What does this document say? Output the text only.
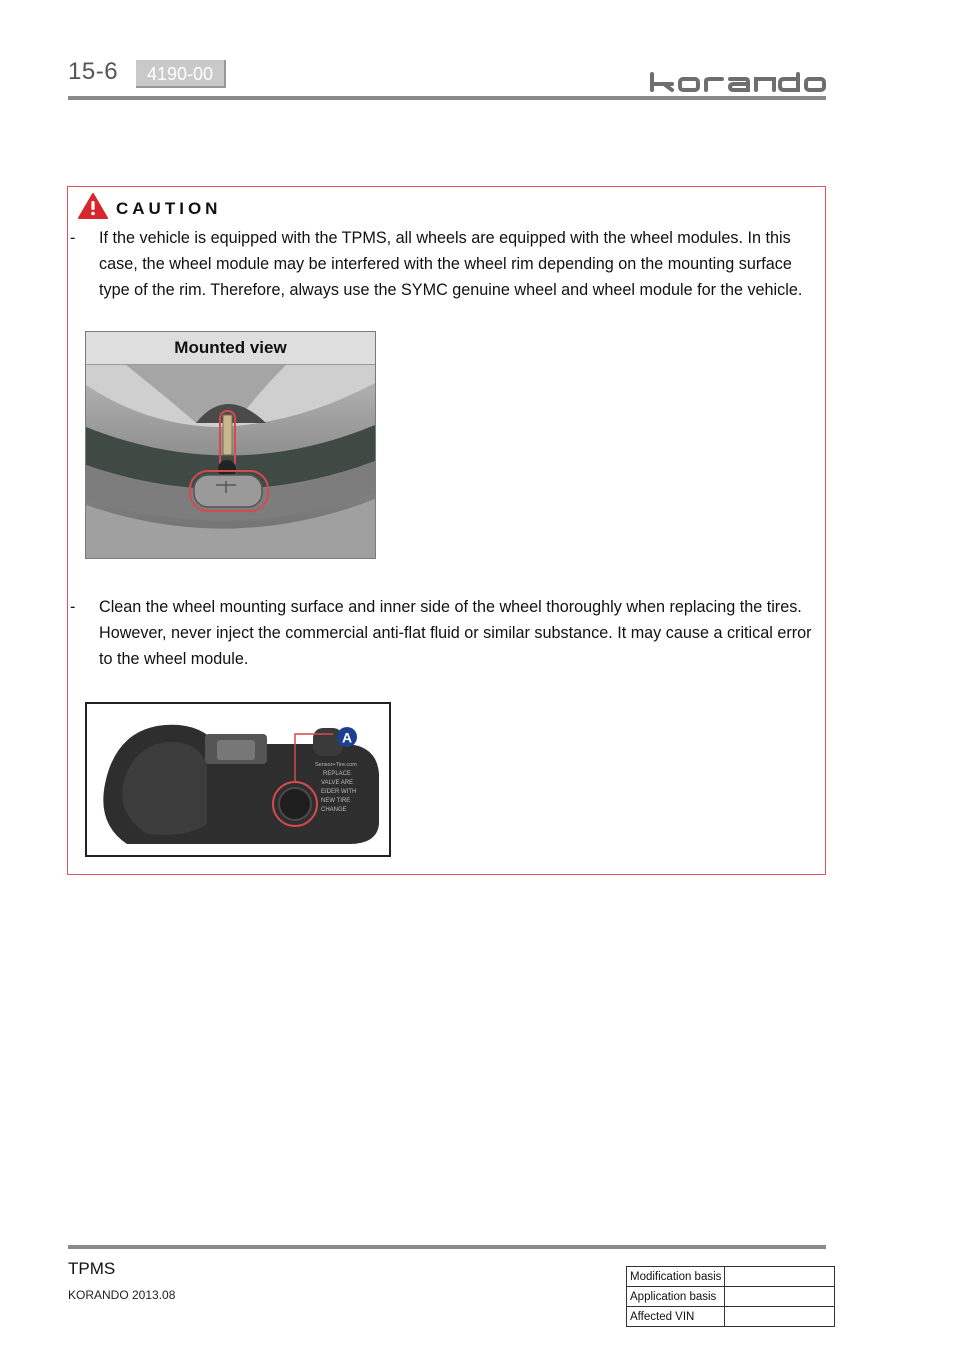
15-6	4190-00
CAUTION
- If the vehicle is equipped with the TPMS, all wheels are equipped with the wheel modules. In this case, the wheel module may be interfered with the wheel rim depending on the mounting surface type of the rim. Therefore, always use the SYMC genuine wheel and wheel module for the vehicle.
Mounted view
- Clean the wheel mounting surface and inner side of the wheel thoroughly when replacing the tires. However, never inject the commercial anti-flat fluid or similar substance. It may cause a critical error to the wheel module.
Sensor+Tire.com
REPLACE
VALVE ARE
EIDER WITH
NEW TIRE
CHANGE
A
TPMS
KORANDO 2013.08
Modification basis	
Application basis	
Affected VIN	
